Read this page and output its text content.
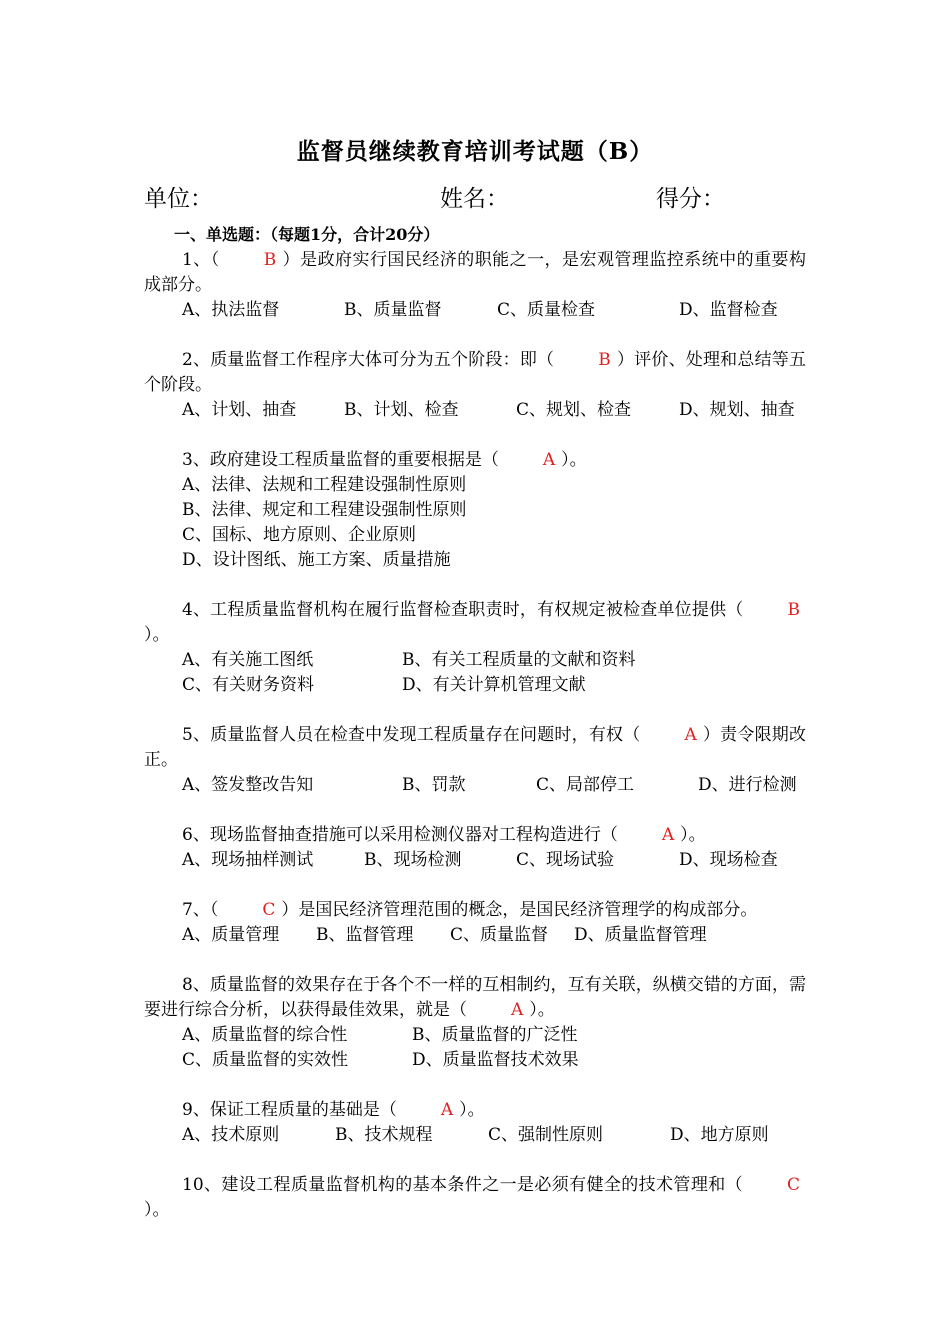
监督员继续教育培训考试题（B）
单位：	姓名：	得分：
一、单选题：（每题1分，合计20分）
1、（	B ）是政府实行国民经济的职能之一，是宏观管理监控系统中的重要构成部分。
A、执法监督	B、质量监督	C、质量检查	D、监督检查
2、质量监督工作程序大体可分为五个阶段：即（	B ）评价、处理和总结等五个阶段。
A、计划、抽查	B、计划、检查	C、规划、检查	D、规划、抽查
3、政府建设工程质量监督的重要根据是（	A ）。
A、法律、法规和工程建设强制性原则
B、法律、规定和工程建设强制性原则
C、国标、地方原则、企业原则
D、设计图纸、施工方案、质量措施
4、工程质量监督机构在履行监督检查职责时，有权规定被检查单位提供（	B）。
A、有关施工图纸	B、有关工程质量的文献和资料
C、有关财务资料	D、有关计算机管理文献
5、质量监督人员在检查中发现工程质量存在问题时，有权（	A ）责令限期改正。
A、签发整改告知	B、罚款	C、局部停工	D、进行检测
6、现场监督抽查措施可以采用检测仪器对工程构造进行（	A ）。
A、现场抽样测试	B、现场检测	C、现场试验	D、现场检查
7、（	C ）是国民经济管理范围的概念，是国民经济管理学的构成部分。
A、质量管理 B、监督管理 C、质量监督 D、质量监督管理
8、质量监督的效果存在于各个不一样的互相制约，互有关联，纵横交错的方面，需要进行综合分析，以获得最佳效果，就是（	A ）。
A、质量监督的综合性	B、质量监督的广泛性
C、质量监督的实效性	D、质量监督技术效果
9、保证工程质量的基础是（	A ）。
A、技术原则	B、技术规程	C、强制性原则	D、地方原则
10、建设工程质量监督机构的基本条件之一是必须有健全的技术管理和（	C）。
